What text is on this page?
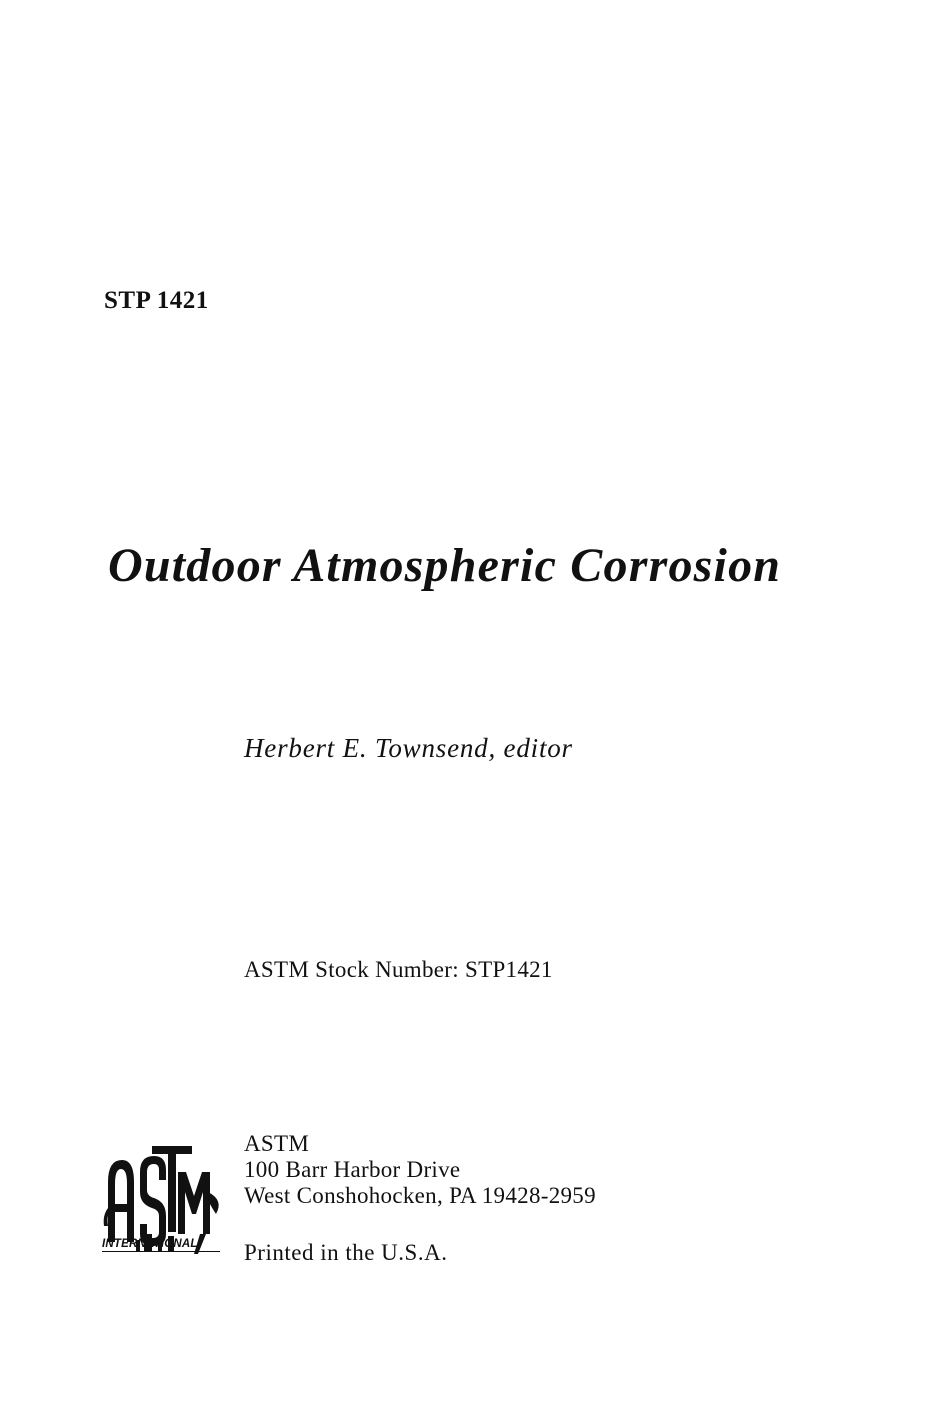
STP 1421

Outdoor Atmospheric Corrosion
Herbert E. Townsend, editor
ASTM Stock Number: STP1421
INTERNATIONAL
ASTM
100 Barr Harbor Drive
West Conshohocken, PA 19428-2959
Printed in the U.S.A.
